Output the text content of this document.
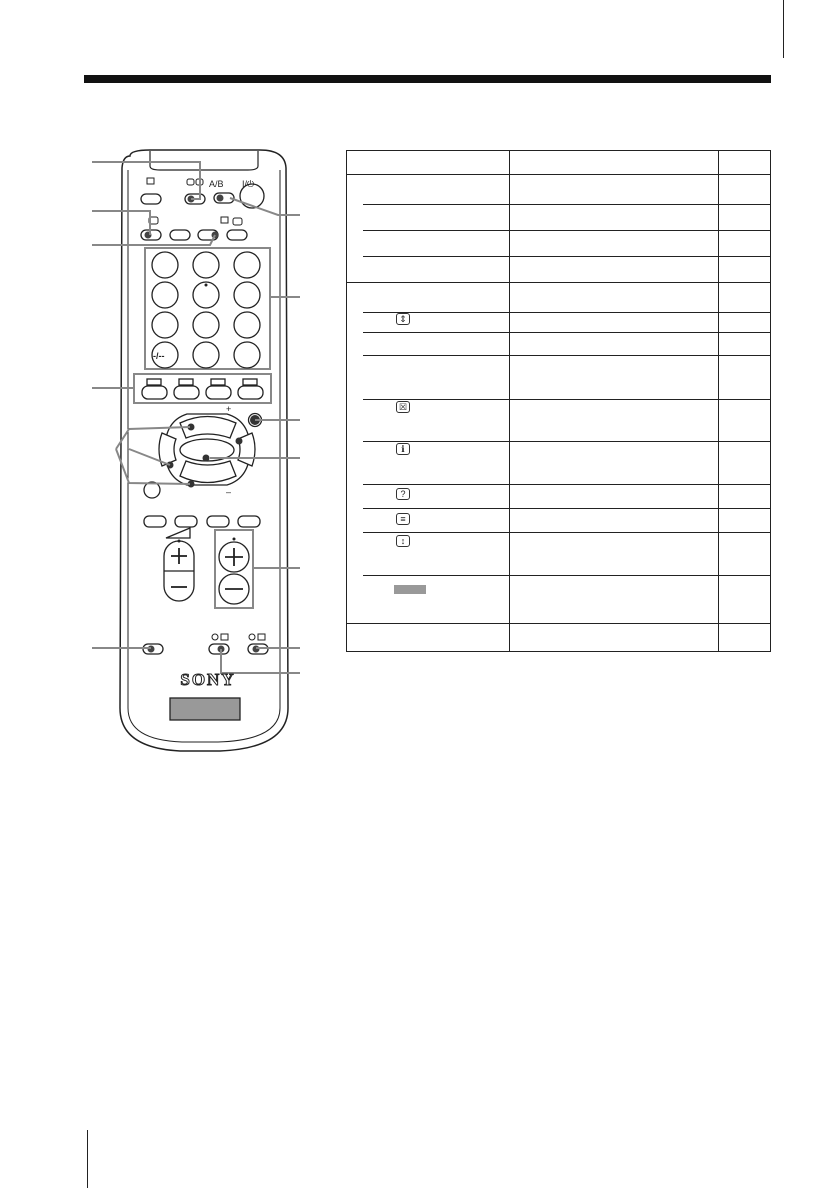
A/B I/⏻
-/--
+
–
SONY
⇕
☒
ℹ
?
≡
↕
